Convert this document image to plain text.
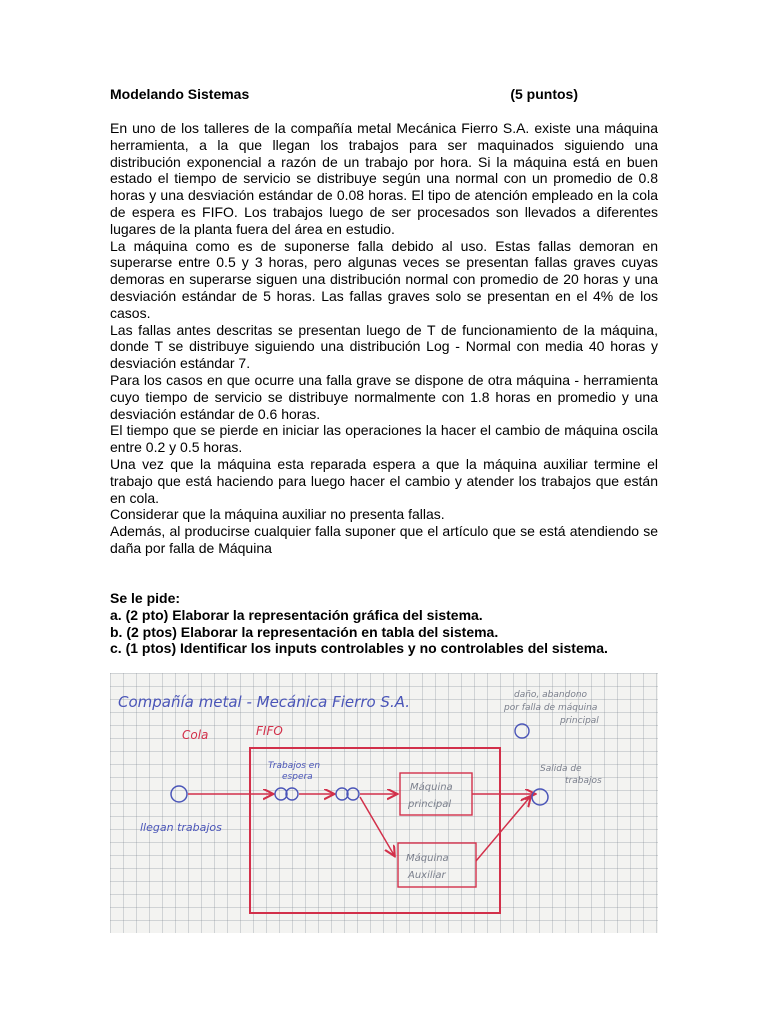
Modelando Sistemas	(5 puntos)

En uno de los talleres de la compañía metal Mecánica Fierro S.A. existe una máquina herramienta, a la que llegan los trabajos para ser maquinados siguiendo una distribución exponencial a razón de un trabajo por hora. Si la máquina está en buen estado el tiempo de servicio se distribuye según una normal con un promedio de 0.8 horas y una desviación estándar de 0.08 horas. El tipo de atención empleado en la cola de espera es FIFO. Los trabajos luego de ser procesados son llevados a diferentes lugares de la planta fuera del área en estudio.

La máquina como es de suponerse falla debido al uso. Estas fallas demoran en superarse entre 0.5 y 3 horas, pero algunas veces se presentan fallas graves cuyas demoras en superarse siguen una distribución normal con promedio de 20 horas y una desviación estándar de 5 horas. Las fallas graves solo se presentan en el 4% de los casos.

Las fallas antes descritas se presentan luego de T de funcionamiento de la máquina, donde T se distribuye siguiendo una distribución Log - Normal con media 40 horas y desviación estándar 7.

Para los casos en que ocurre una falla grave se dispone de otra máquina - herramienta cuyo tiempo de servicio se distribuye normalmente con 1.8 horas en promedio y una desviación estándar de 0.6 horas.

El tiempo que se pierde en iniciar las operaciones la hacer el cambio de máquina oscila entre 0.2 y 0.5 horas.

Una vez que la máquina esta reparada espera a que la máquina auxiliar termine el trabajo que está haciendo para luego hacer el cambio y atender los trabajos que están en cola.

Considerar que la máquina auxiliar no presenta fallas.

Además, al producirse cualquier falla suponer que el artículo que se está atendiendo se daña por falla de Máquina

Se le pide:

a. (2 pto) Elaborar la representación gráfica del sistema.

b. (2 ptos) Elaborar la representación en tabla del sistema.

c. (1 ptos) Identificar los inputs controlables y no controlables del sistema.

Compañía metal - Mecánica Fierro S.A.
Cola	FIFO
Trabajos en
espera
llegan trabajos
Máquina
principal
Máquina
Auxiliar
Salida de
trabajos
daño, abandono
por falla de máquina
principal
